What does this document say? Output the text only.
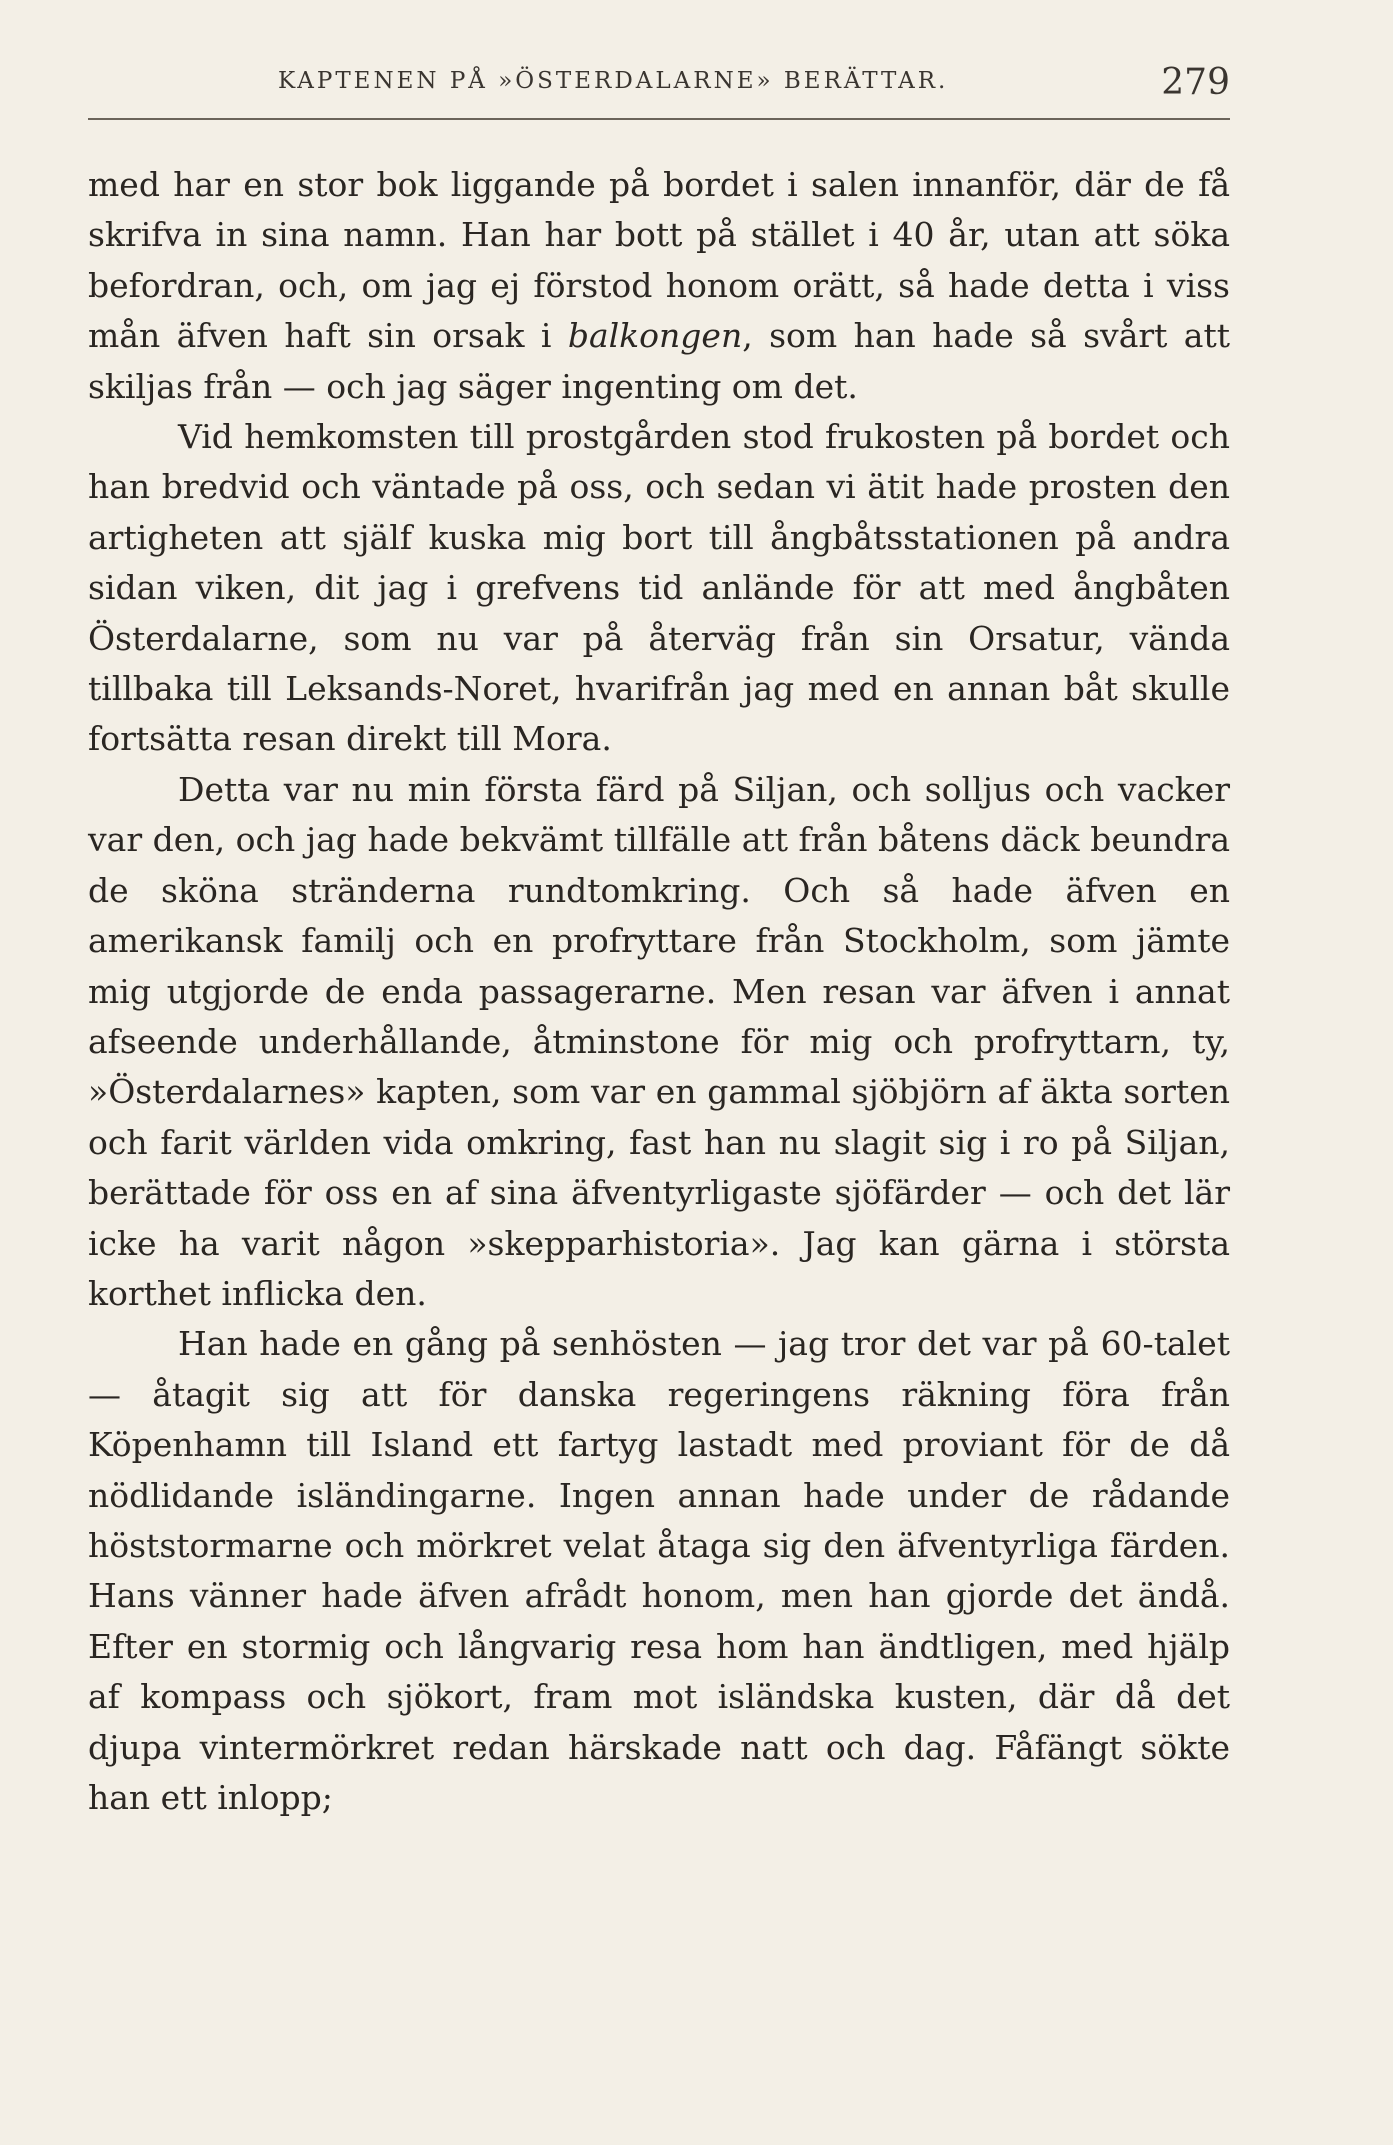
KAPTENEN PÅ »ÖSTERDALARNE» BERÄTTAR.	279

med har en stor bok liggande på bordet i salen innanför, där de få skrifva in sina namn. Han har bott på stället i 40 år, utan att söka befordran, och, om jag ej förstod honom orätt, så hade detta i viss mån äfven haft sin orsak i balkongen, som han hade så svårt att skiljas från — och jag säger ingenting om det.

Vid hemkomsten till prostgården stod frukosten på bordet och han bredvid och väntade på oss, och sedan vi ätit hade prosten den artigheten att själf kuska mig bort till ångbåtsstationen på andra sidan viken, dit jag i grefvens tid anlände för att med ångbåten Österdalarne, som nu var på återväg från sin Orsatur, vända tillbaka till Leksands-Noret, hvarifrån jag med en annan båt skulle fortsätta resan direkt till Mora.

Detta var nu min första färd på Siljan, och solljus och vacker var den, och jag hade bekvämt tillfälle att från båtens däck beundra de sköna stränderna rundtomkring. Och så hade äfven en amerikansk familj och en profryttare från Stockholm, som jämte mig utgjorde de enda passagerarne. Men resan var äfven i annat afseende underhållande, åtminstone för mig och profryttarn, ty, »Österdalarnes» kapten, som var en gammal sjöbjörn af äkta sorten och farit världen vida omkring, fast han nu slagit sig i ro på Siljan, berättade för oss en af sina äfventyrligaste sjöfärder — och det lär icke ha varit någon »skepparhistoria». Jag kan gärna i största korthet inflicka den.

Han hade en gång på senhösten — jag tror det var på 60-talet — åtagit sig att för danska regeringens räkning föra från Köpenhamn till Island ett fartyg lastadt med proviant för de då nödlidande isländingarne. Ingen annan hade under de rådande höststormarne och mörkret velat åtaga sig den äfventyrliga färden. Hans vänner hade äfven afrådt honom, men han gjorde det ändå. Efter en stormig och långvarig resa hom han ändtligen, med hjälp af kompass och sjökort, fram mot isländska kusten, där då det djupa vintermörkret redan härskade natt och dag. Fåfängt sökte han ett inlopp;
